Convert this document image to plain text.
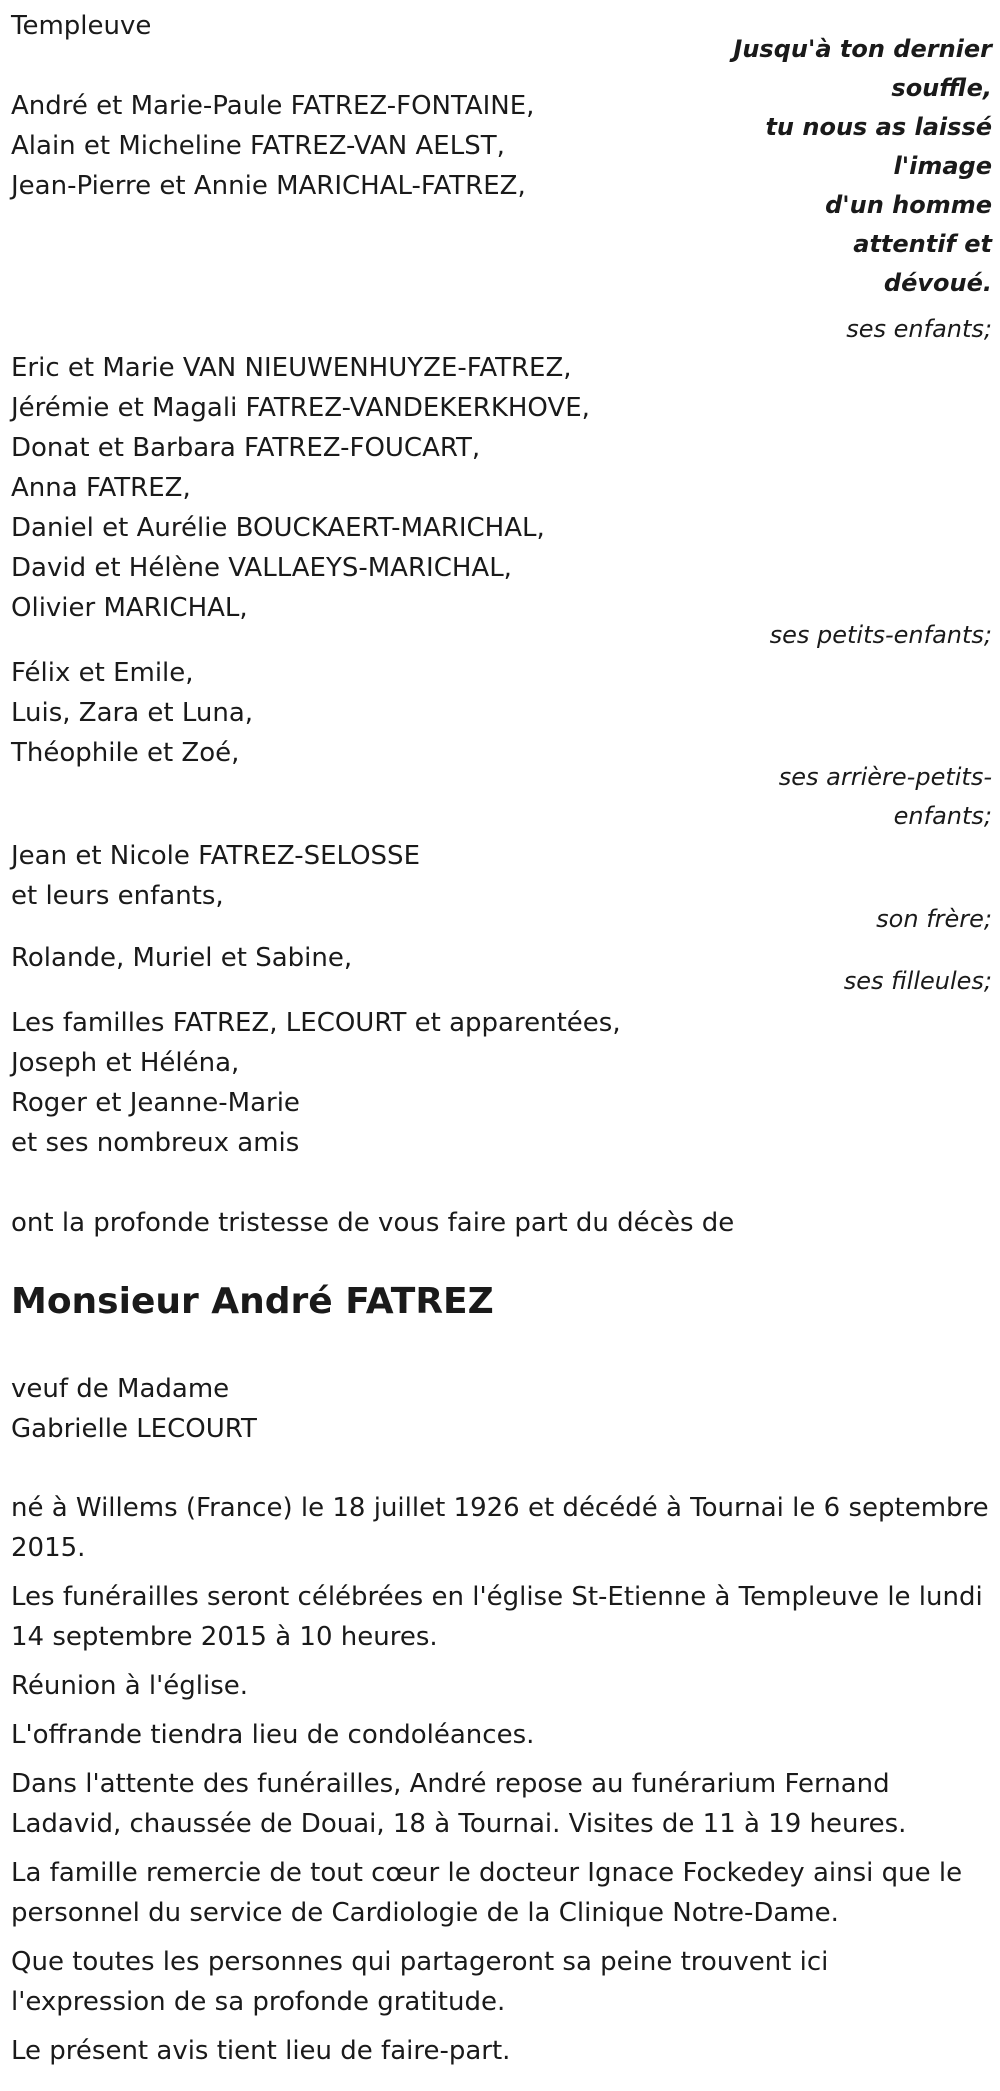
Templeuve
Jusqu'à ton dernier
souffle,
tu nous as laissé
l'image
d'un homme
attentif et
dévoué.
ses enfants;
André et Marie-Paule FATREZ-FONTAINE,
Alain et Micheline FATREZ-VAN AELST,
Jean-Pierre et Annie MARICHAL-FATREZ,
Eric et Marie VAN NIEUWENHUYZE-FATREZ,
Jérémie et Magali FATREZ-VANDEKERKHOVE,
Donat et Barbara FATREZ-FOUCART,
Anna FATREZ,
Daniel et Aurélie BOUCKAERT-MARICHAL,
David et Hélène VALLAEYS-MARICHAL,
Olivier MARICHAL,
ses petits-enfants;
Félix et Emile,
Luis, Zara et Luna,
Théophile et Zoé,
ses arrière-petits-
enfants;
Jean et Nicole FATREZ-SELOSSE
et leurs enfants,
son frère;
Rolande, Muriel et Sabine,
ses filleules;
Les familles FATREZ, LECOURT et apparentées,
Joseph et Héléna,
Roger et Jeanne-Marie
et ses nombreux amis
ont la profonde tristesse de vous faire part du décès de
Monsieur André FATREZ
veuf de Madame
Gabrielle LECOURT
né à Willems (France) le 18 juillet 1926 et décédé à Tournai le 6 septembre 2015.
Les funérailles seront célébrées en l'église St-Etienne à Templeuve le lundi 14 septembre 2015 à 10 heures.
Réunion à l'église.
L'offrande tiendra lieu de condoléances.
Dans l'attente des funérailles, André repose au funérarium Fernand Ladavid, chaussée de Douai, 18 à Tournai. Visites de 11 à 19 heures.
La famille remercie de tout cœur le docteur Ignace Fockedey ainsi que le personnel du service de Cardiologie de la Clinique Notre-Dame.
Que toutes les personnes qui partageront sa peine trouvent ici l'expression de sa profonde gratitude.
Le présent avis tient lieu de faire-part.
